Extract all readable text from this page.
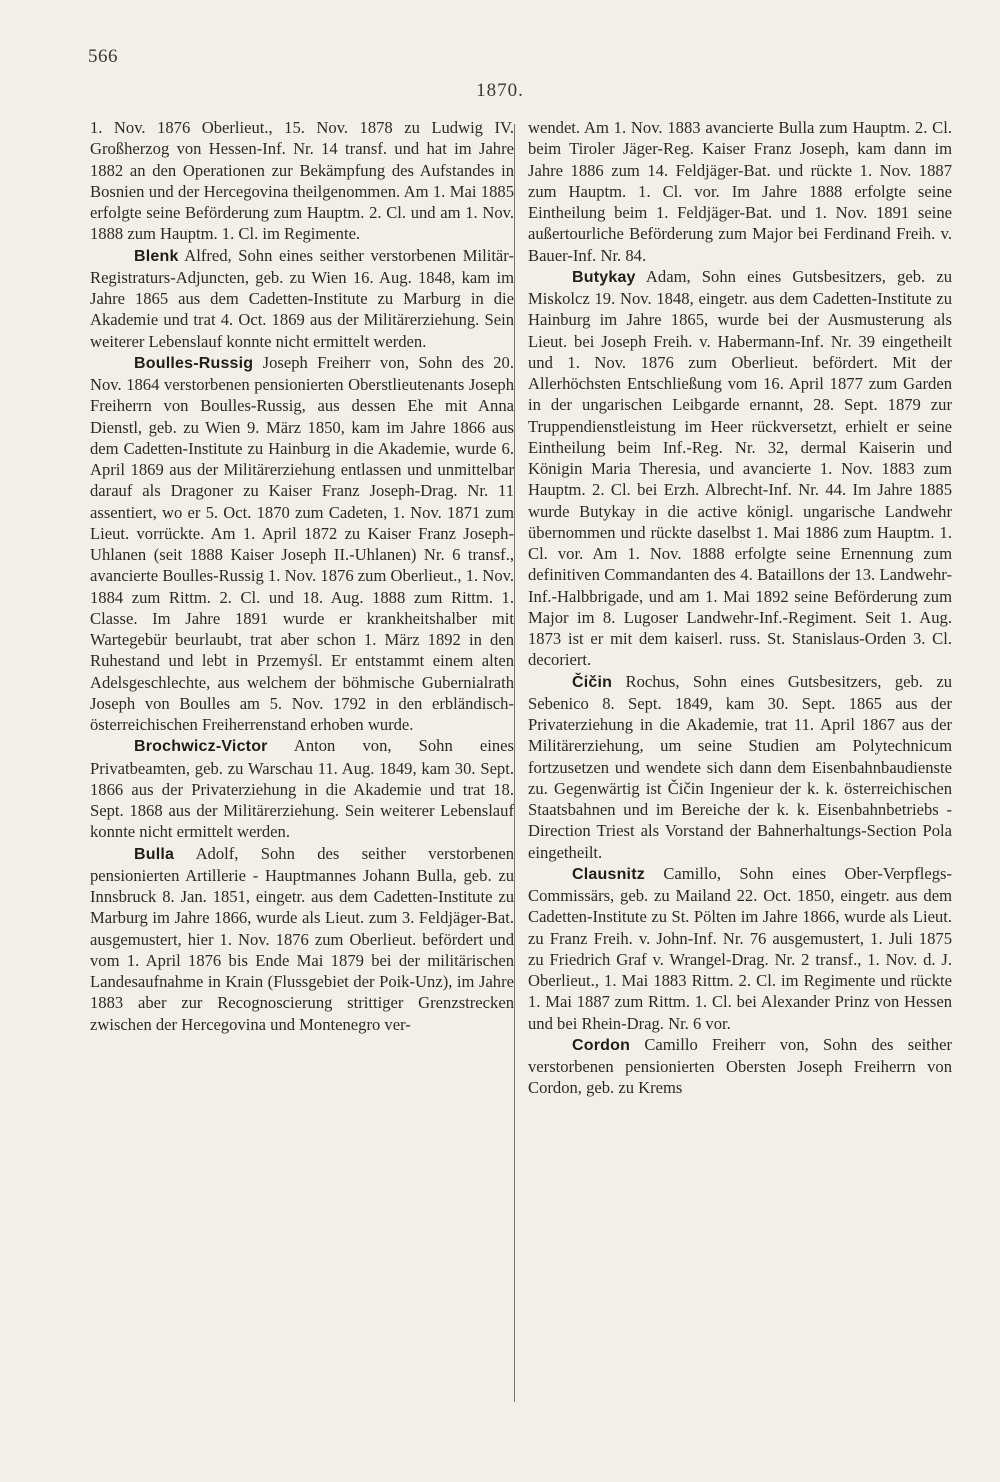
566
1870.

1. Nov. 1876 Oberlieut., 15. Nov. 1878 zu Ludwig IV. Großherzog von Hessen-Inf. Nr. 14 transf. und hat im Jahre 1882 an den Operationen zur Bekämpfung des Aufstandes in Bosnien und der Hercegovina theilgenommen. Am 1. Mai 1885 erfolgte seine Beförderung zum Hauptm. 2. Cl. und am 1. Nov. 1888 zum Hauptm. 1. Cl. im Regimente.

Blenk Alfred, Sohn eines seither verstorbenen Militär-Registraturs-Adjuncten, geb. zu Wien 16. Aug. 1848, kam im Jahre 1865 aus dem Cadetten-Institute zu Marburg in die Akademie und trat 4. Oct. 1869 aus der Militärerziehung. Sein weiterer Lebenslauf konnte nicht ermittelt werden.

Boulles-Russig Joseph Freiherr von, Sohn des 20. Nov. 1864 verstorbenen pensionierten Oberstlieutenants Joseph Freiherrn von Boulles-Russig, aus dessen Ehe mit Anna Dienstl, geb. zu Wien 9. März 1850, kam im Jahre 1866 aus dem Cadetten-Institute zu Hainburg in die Akademie, wurde 6. April 1869 aus der Militärerziehung entlassen und unmittelbar darauf als Dragoner zu Kaiser Franz Joseph-Drag. Nr. 11 assentiert, wo er 5. Oct. 1870 zum Cadeten, 1. Nov. 1871 zum Lieut. vorrückte. Am 1. April 1872 zu Kaiser Franz Joseph-Uhlanen (seit 1888 Kaiser Joseph II.-Uhlanen) Nr. 6 transf., avancierte Boulles-Russig 1. Nov. 1876 zum Oberlieut., 1. Nov. 1884 zum Rittm. 2. Cl. und 18. Aug. 1888 zum Rittm. 1. Classe. Im Jahre 1891 wurde er krankheitshalber mit Wartegebür beurlaubt, trat aber schon 1. März 1892 in den Ruhestand und lebt in Przemyśl. Er entstammt einem alten Adelsgeschlechte, aus welchem der böhmische Gubernialrath Joseph von Boulles am 5. Nov. 1792 in den erbländisch-österreichischen Freiherrenstand erhoben wurde.

Brochwicz-Victor Anton von, Sohn eines Privatbeamten, geb. zu Warschau 11. Aug. 1849, kam 30. Sept. 1866 aus der Privaterziehung in die Akademie und trat 18. Sept. 1868 aus der Militärerziehung. Sein weiterer Lebenslauf konnte nicht ermittelt werden.

Bulla Adolf, Sohn des seither verstorbenen pensionierten Artillerie - Hauptmannes Johann Bulla, geb. zu Innsbruck 8. Jan. 1851, eingetr. aus dem Cadetten-Institute zu Marburg im Jahre 1866, wurde als Lieut. zum 3. Feldjäger-Bat. ausgemustert, hier 1. Nov. 1876 zum Oberlieut. befördert und vom 1. April 1876 bis Ende Mai 1879 bei der militärischen Landesaufnahme in Krain (Flussgebiet der Poik-Unz), im Jahre 1883 aber zur Recognoscierung strittiger Grenzstrecken zwischen der Hercegovina und Montenegro ver-

wendet. Am 1. Nov. 1883 avancierte Bulla zum Hauptm. 2. Cl. beim Tiroler Jäger-Reg. Kaiser Franz Joseph, kam dann im Jahre 1886 zum 14. Feldjäger-Bat. und rückte 1. Nov. 1887 zum Hauptm. 1. Cl. vor. Im Jahre 1888 erfolgte seine Eintheilung beim 1. Feldjäger-Bat. und 1. Nov. 1891 seine außertourliche Beförderung zum Major bei Ferdinand Freih. v. Bauer-Inf. Nr. 84.

Butykay Adam, Sohn eines Gutsbesitzers, geb. zu Miskolcz 19. Nov. 1848, eingetr. aus dem Cadetten-Institute zu Hainburg im Jahre 1865, wurde bei der Ausmusterung als Lieut. bei Joseph Freih. v. Habermann-Inf. Nr. 39 eingetheilt und 1. Nov. 1876 zum Oberlieut. befördert. Mit der Allerhöchsten Entschließung vom 16. April 1877 zum Garden in der ungarischen Leibgarde ernannt, 28. Sept. 1879 zur Truppendienstleistung im Heer rückversetzt, erhielt er seine Eintheilung beim Inf.-Reg. Nr. 32, dermal Kaiserin und Königin Maria Theresia, und avancierte 1. Nov. 1883 zum Hauptm. 2. Cl. bei Erzh. Albrecht-Inf. Nr. 44. Im Jahre 1885 wurde Butykay in die active königl. ungarische Landwehr übernommen und rückte daselbst 1. Mai 1886 zum Hauptm. 1. Cl. vor. Am 1. Nov. 1888 erfolgte seine Ernennung zum definitiven Commandanten des 4. Bataillons der 13. Landwehr-Inf.-Halbbrigade, und am 1. Mai 1892 seine Beförderung zum Major im 8. Lugoser Landwehr-Inf.-Regiment. Seit 1. Aug. 1873 ist er mit dem kaiserl. russ. St. Stanislaus-Orden 3. Cl. decoriert.

Čičin Rochus, Sohn eines Gutsbesitzers, geb. zu Sebenico 8. Sept. 1849, kam 30. Sept. 1865 aus der Privaterziehung in die Akademie, trat 11. April 1867 aus der Militärerziehung, um seine Studien am Polytechnicum fortzusetzen und wendete sich dann dem Eisenbahnbaudienste zu. Gegenwärtig ist Čičin Ingenieur der k. k. österreichischen Staatsbahnen und im Bereiche der k. k. Eisenbahnbetriebs - Direction Triest als Vorstand der Bahnerhaltungs-Section Pola eingetheilt.

Clausnitz Camillo, Sohn eines Ober-Verpflegs-Commissärs, geb. zu Mailand 22. Oct. 1850, eingetr. aus dem Cadetten-Institute zu St. Pölten im Jahre 1866, wurde als Lieut. zu Franz Freih. v. John-Inf. Nr. 76 ausgemustert, 1. Juli 1875 zu Friedrich Graf v. Wrangel-Drag. Nr. 2 transf., 1. Nov. d. J. Oberlieut., 1. Mai 1883 Rittm. 2. Cl. im Regimente und rückte 1. Mai 1887 zum Rittm. 1. Cl. bei Alexander Prinz von Hessen und bei Rhein-Drag. Nr. 6 vor.

Cordon Camillo Freiherr von, Sohn des seither verstorbenen pensionierten Obersten Joseph Freiherrn von Cordon, geb. zu Krems
